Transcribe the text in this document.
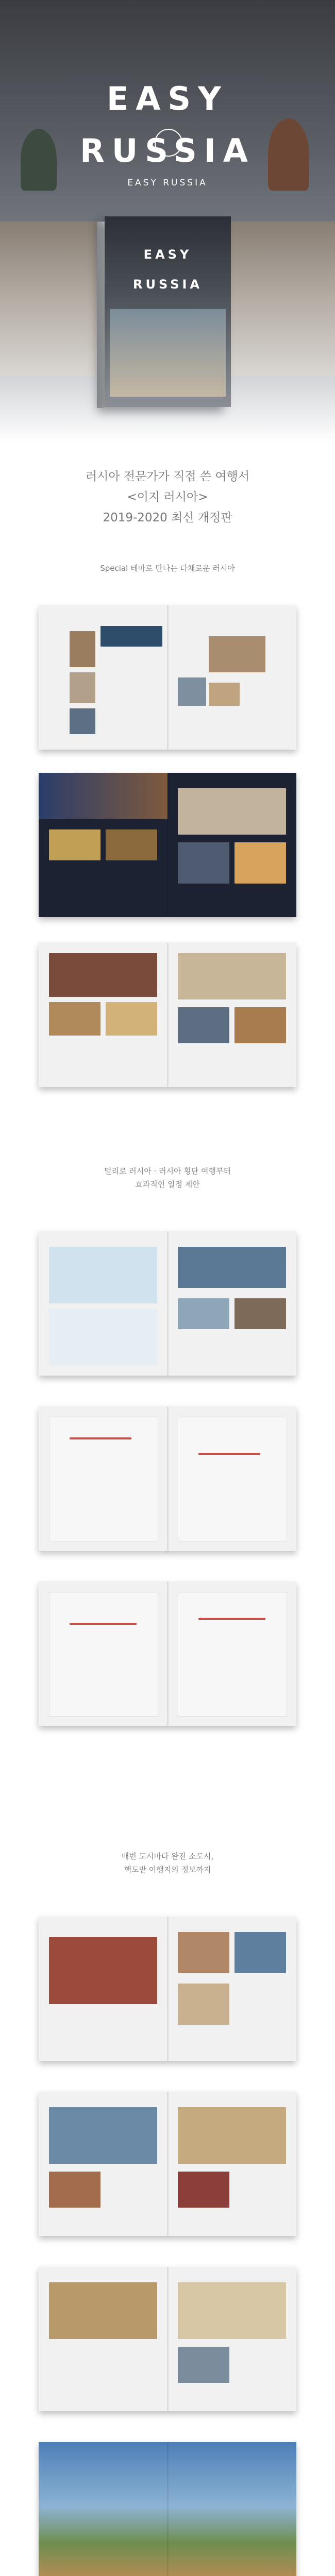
EASY
RUSSIA
EASY RUSSIA
EASY
RUSSIA
러시아 전문가가 직접 쓴 여행서
<이지 러시아>
2019-2020 최신 개정판
Special 테마로 만나는 다채로운 러시아
멀리로 러시아 · 러시아 횡단 여행부터
효과적인 일정 제안
매번 도시마다 완전 소도시,
핵도받 여행지의 정보까지
